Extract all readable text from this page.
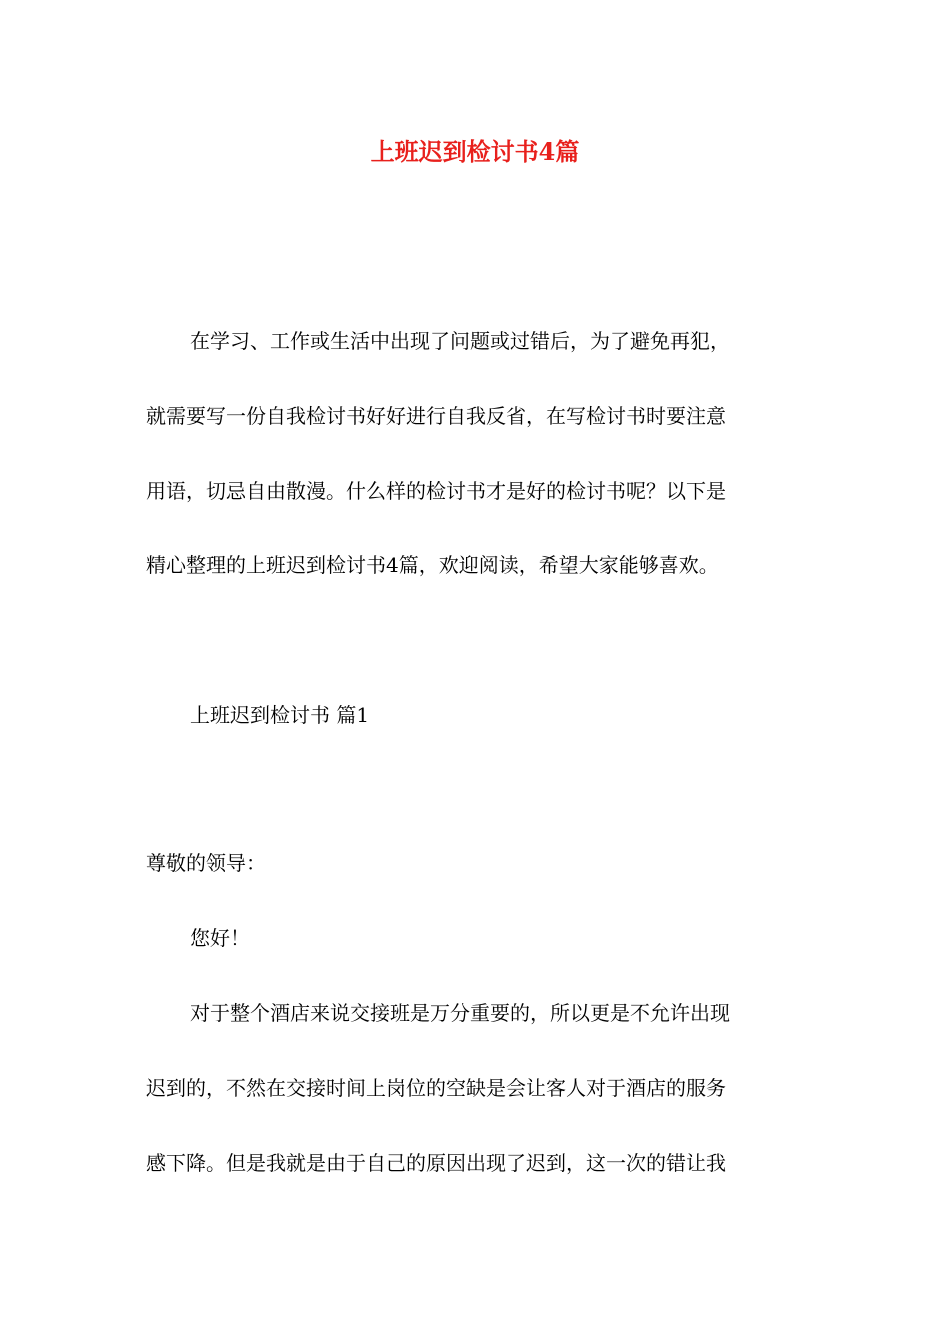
上班迟到检讨书4篇
在学习、工作或生活中出现了问题或过错后，为了避免再犯，
就需要写一份自我检讨书好好进行自我反省，在写检讨书时要注意
用语，切忌自由散漫。什么样的检讨书才是好的检讨书呢？以下是
精心整理的上班迟到检讨书4篇，欢迎阅读，希望大家能够喜欢。
上班迟到检讨书 篇1
尊敬的领导：
您好！
对于整个酒店来说交接班是万分重要的，所以更是不允许出现
迟到的，不然在交接时间上岗位的空缺是会让客人对于酒店的服务
感下降。但是我就是由于自己的原因出现了迟到，这一次的错让我
